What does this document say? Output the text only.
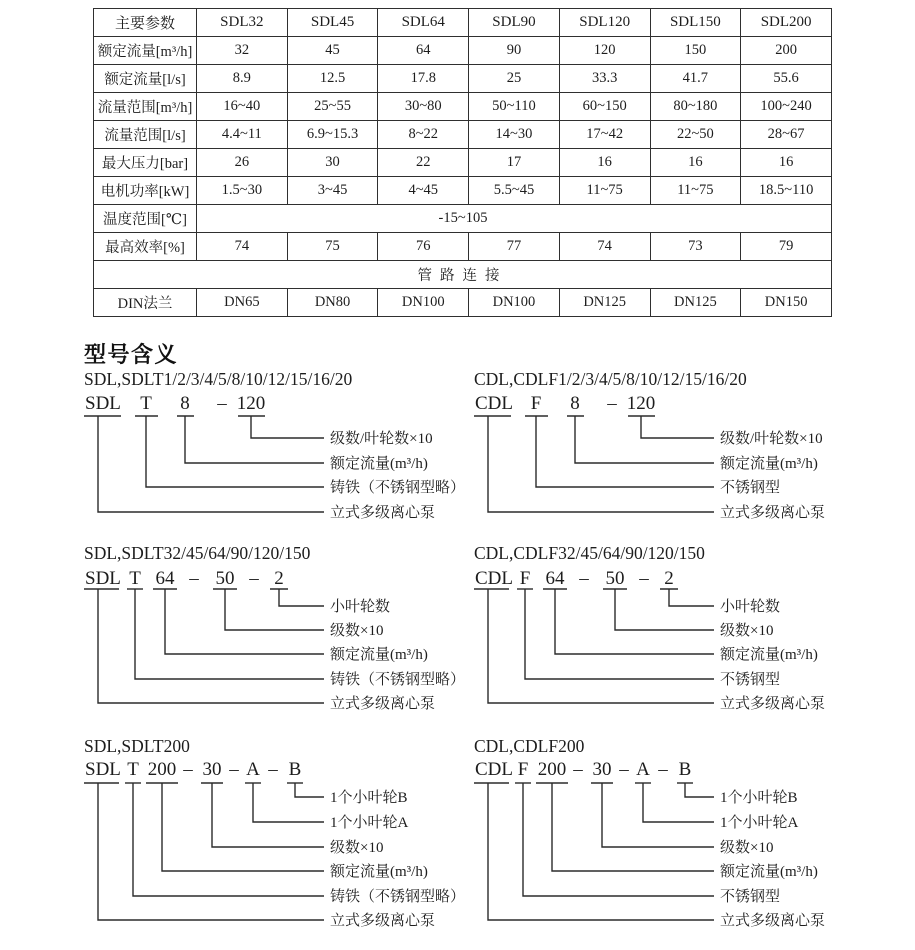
主要参数	SDL32	SDL45	SDL64	SDL90	SDL120	SDL150	SDL200
额定流量[m³/h]	32	45	64	90	120	150	200
额定流量[l/s]	8.9	12.5	17.8	25	33.3	41.7	55.6
流量范围[m³/h]	16~40	25~55	30~80	50~110	60~150	80~180	100~240
流量范围[l/s]	4.4~11	6.9~15.3	8~22	14~30	17~42	22~50	28~67
最大压力[bar]	26	30	22	17	16	16	16
电机功率[kW]	1.5~30	3~45	4~45	5.5~45	11~75	11~75	18.5~110
温度范围[℃]	-15~105						
最高效率[%]	74	75	76	77	74	73	79
管路连接							
DIN法兰	DN65	DN80	DN100	DN100	DN125	DN125	DN150
型号含义
SDL,SDLT1/2/3/4/5/8/10/12/15/16/20
SDL T 8 – 120
级数/叶轮数×10
额定流量(m³/h)
铸铁（不锈钢型略）
立式多级离心泵
CDL,CDLF1/2/3/4/5/8/10/12/15/16/20
CDL F 8 – 120
级数/叶轮数×10
额定流量(m³/h)
不锈钢型
立式多级离心泵
SDL,SDLT32/45/64/90/120/150
SDL T 64 – 50 – 2
小叶轮数
级数×10
额定流量(m³/h)
铸铁（不锈钢型略）
立式多级离心泵
CDL,CDLF32/45/64/90/120/150
CDL F 64 – 50 – 2
小叶轮数
级数×10
额定流量(m³/h)
不锈钢型
立式多级离心泵
SDL,SDLT200
SDL T 200 – 30 – A – B
1个小叶轮B
1个小叶轮A
级数×10
额定流量(m³/h)
铸铁（不锈钢型略）
立式多级离心泵
CDL,CDLF200
CDL F 200 – 30 – A – B
1个小叶轮B
1个小叶轮A
级数×10
额定流量(m³/h)
不锈钢型
立式多级离心泵
